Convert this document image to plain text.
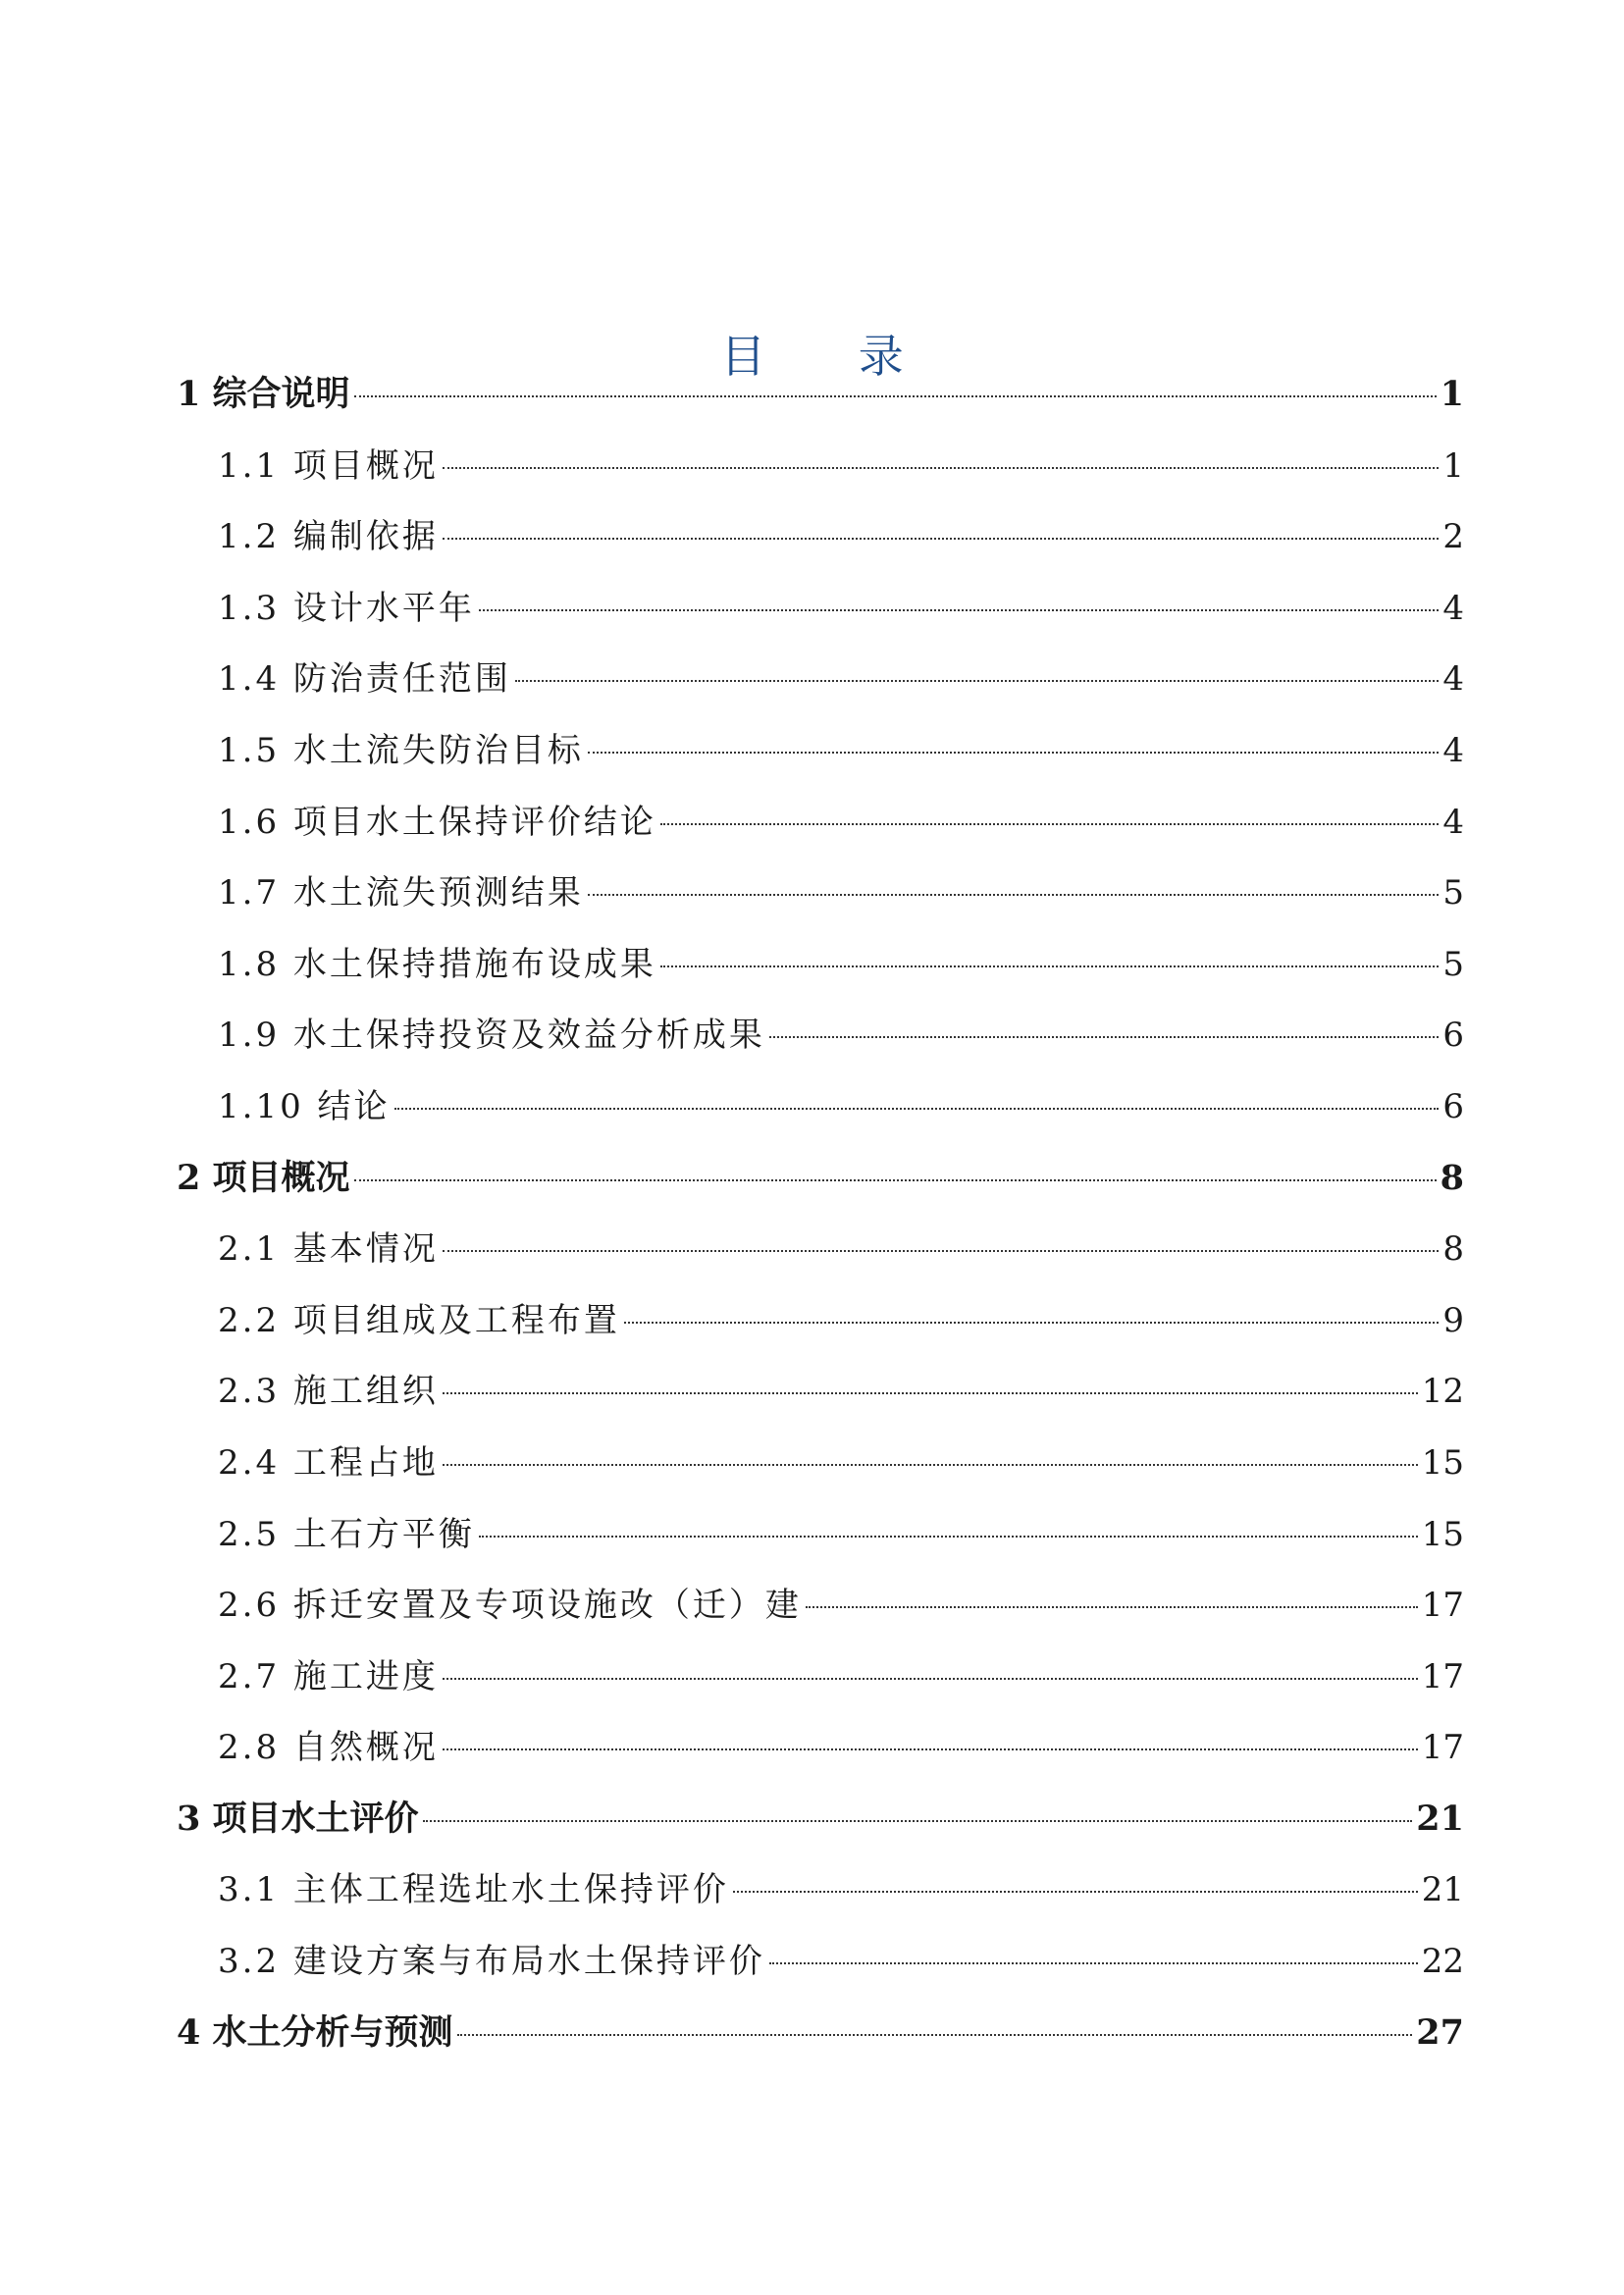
目 录
1 综合说明	1
1.1 项目概况	1
1.2 编制依据	2
1.3 设计水平年	4
1.4 防治责任范围	4
1.5 水土流失防治目标	4
1.6 项目水土保持评价结论	4
1.7 水土流失预测结果	5
1.8 水土保持措施布设成果	5
1.9 水土保持投资及效益分析成果	6
1.10 结论	6
2 项目概况	8
2.1 基本情况	8
2.2 项目组成及工程布置	9
2.3 施工组织	12
2.4 工程占地	15
2.5 土石方平衡	15
2.6 拆迁安置及专项设施改（迁）建	17
2.7 施工进度	17
2.8 自然概况	17
3 项目水土评价	21
3.1 主体工程选址水土保持评价	21
3.2 建设方案与布局水土保持评价	22
4 水土分析与预测	27
